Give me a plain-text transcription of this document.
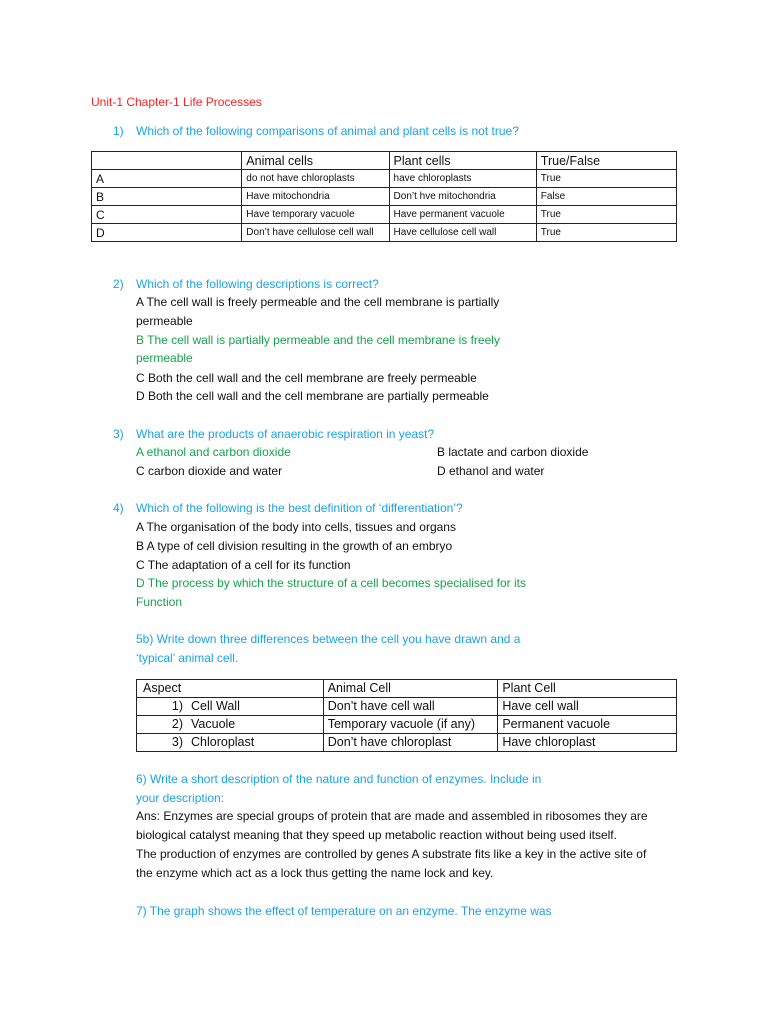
Unit-1 Chapter-1 Life Processes
1) Which of the following comparisons of animal and plant cells is not true?
	Animal cells	Plant cells	True/False
A	do not have chloroplasts	have chloroplasts	True
B	Have mitochondria	Don’t hve mitochondria	False
C	Have temporary vacuole	Have permanent vacuole	True
D	Don’t have cellulose cell wall	Have cellulose cell wall	True
2) Which of the following descriptions is correct?
A The cell wall is freely permeable and the cell membrane is partially
permeable
B The cell wall is partially permeable and the cell membrane is freely
permeable
C Both the cell wall and the cell membrane are freely permeable
D Both the cell wall and the cell membrane are partially permeable
3) What are the products of anaerobic respiration in yeast?
A ethanol and carbon dioxide	B lactate and carbon dioxide
C carbon dioxide and water	D ethanol and water
4) Which of the following is the best definition of ‘differentiation’?
A The organisation of the body into cells, tissues and organs
B A type of cell division resulting in the growth of an embryo
C The adaptation of a cell for its function
D The process by which the structure of a cell becomes specialised for its
Function
5b) Write down three differences between the cell you have drawn and a
‘typical’ animal cell.
Aspect	Animal Cell	Plant Cell
1) Cell Wall	Don’t have cell wall	Have cell wall
2) Vacuole	Temporary vacuole (if any)	Permanent vacuole
3) Chloroplast	Don’t have chloroplast	Have chloroplast
6) Write a short description of the nature and function of enzymes. Include in
your description:
Ans: Enzymes are special groups of protein that are made and assembled in ribosomes they are
biological catalyst meaning that they speed up metabolic reaction without being used itself.
The production of enzymes are controlled by genes A substrate fits like a key in the active site of
the enzyme which act as a lock thus getting the name lock and key.
7) The graph shows the effect of temperature on an enzyme. The enzyme was
